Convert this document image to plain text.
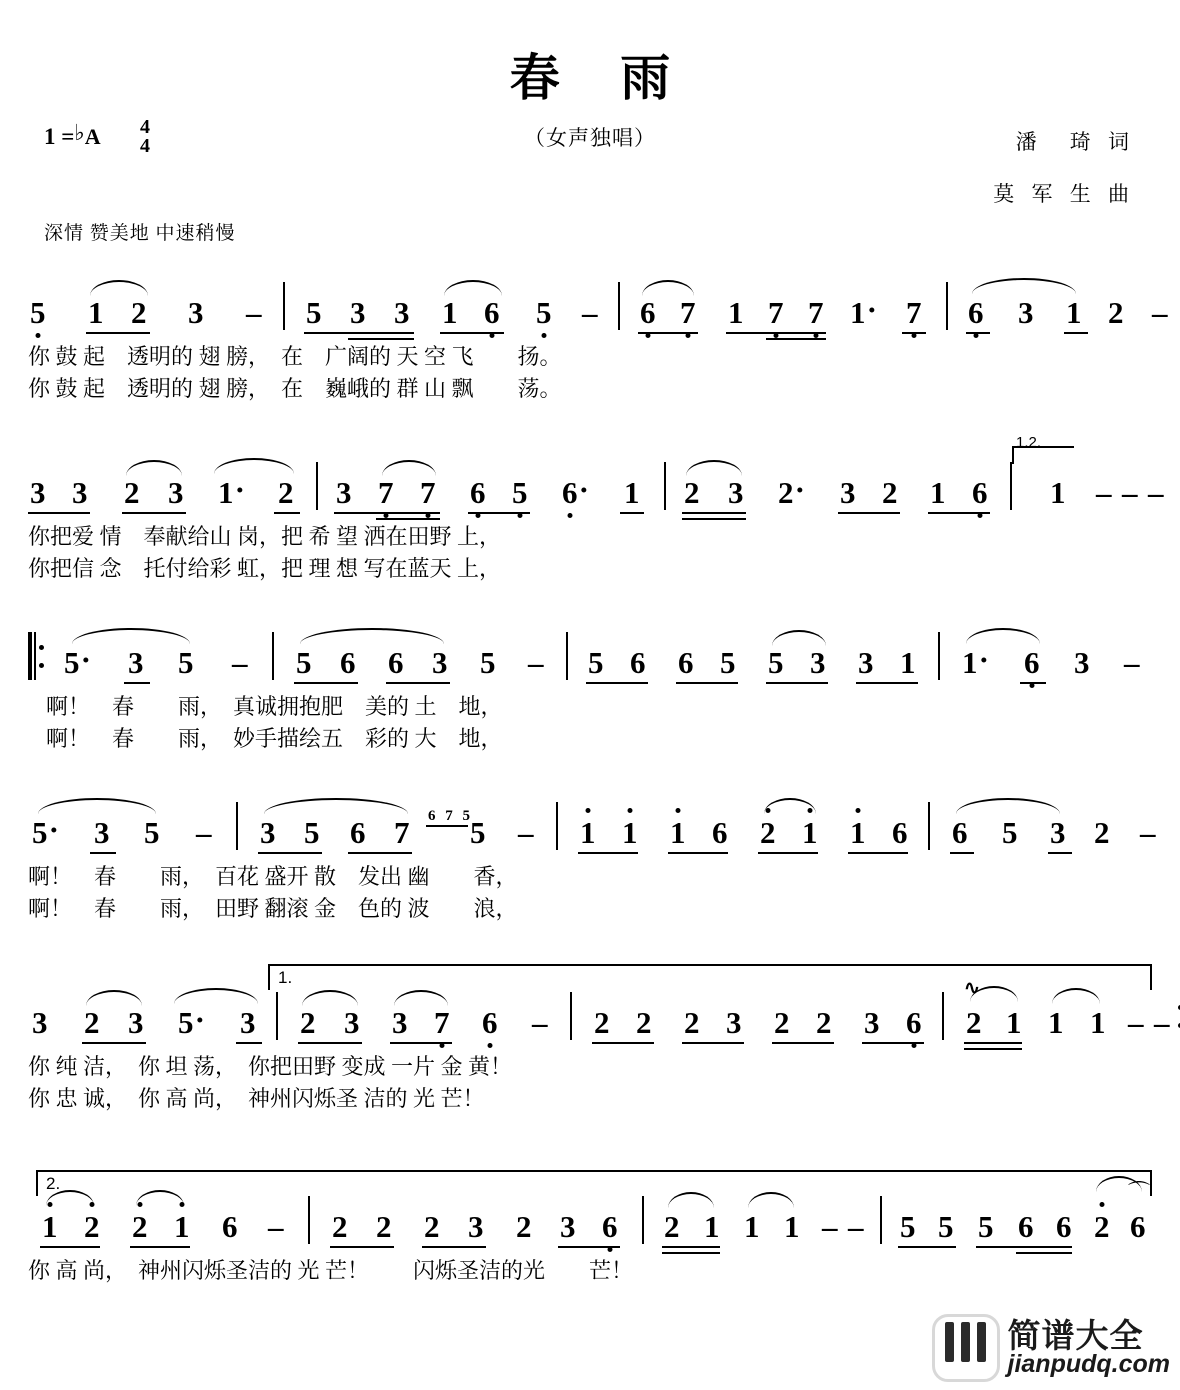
春 雨
（女声独唱）
1 = ♭ A 4
4	潘　琦 词
莫 军 生 曲
深情 赞美地 中速稍慢
5 1 2 3 – 5 3 3 1 6 5 – 6 7 1 7 7 1 · 7 6 3 1 2 –
你 鼓 起　透明的 翅 膀，　在　广阔的 天 空 飞　　扬。
你 鼓 起　透明的 翅 膀，　在　巍峨的 群 山 飘　　荡。
3 3 2 3 1 · 2 3 7 7 6 5 6 · 1 2 3 2 · 3 2 1 6
1.2.
1 – – –
你把爱 情　奉献给山 岗，把 希 望 洒在田野 上，
你把信 念　托付给彩 虹，把 理 想 写在蓝天 上，
5 · 3 5 – 5 6 6 3 5 – 5 6 6 5 5 3 3 1 1 · 6 3 –
啊！　春　　雨，　真诚拥抱肥　美的 土　地，
啊！　春　　雨，　妙手描绘五　彩的 大　地，
5 · 3 5 – 3 5 6 7 6 7 5
5 – 1 1 1 6 2 1 1 6 6 5 3 2 –
啊！　春　　雨，　百花 盛开 散　发出 幽　　香，
啊！　春　　雨，　田野 翻滚 金　色的 波　　浪，
1.
3 2 3 5 · 3 2 3 3 7 6 – 2 2 2 3 2 2 3 6
∿
2 1 1 1 – –
你 纯 洁，　你 坦 荡，　你把田野 变成 一片 金 黄！
你 忠 诚，　你 高 尚，　神州闪烁圣 洁的 光 芒！
2.
1 2 2 1 6 – 2 2 2 3 2 3 6 2 1 1 1 – – 5 5 5 6 6 2
⌒
6
你 高 尚，　神州闪烁圣洁的 光 芒！　　闪烁圣洁的光　　芒！
简谱大全
jianpudq.com
